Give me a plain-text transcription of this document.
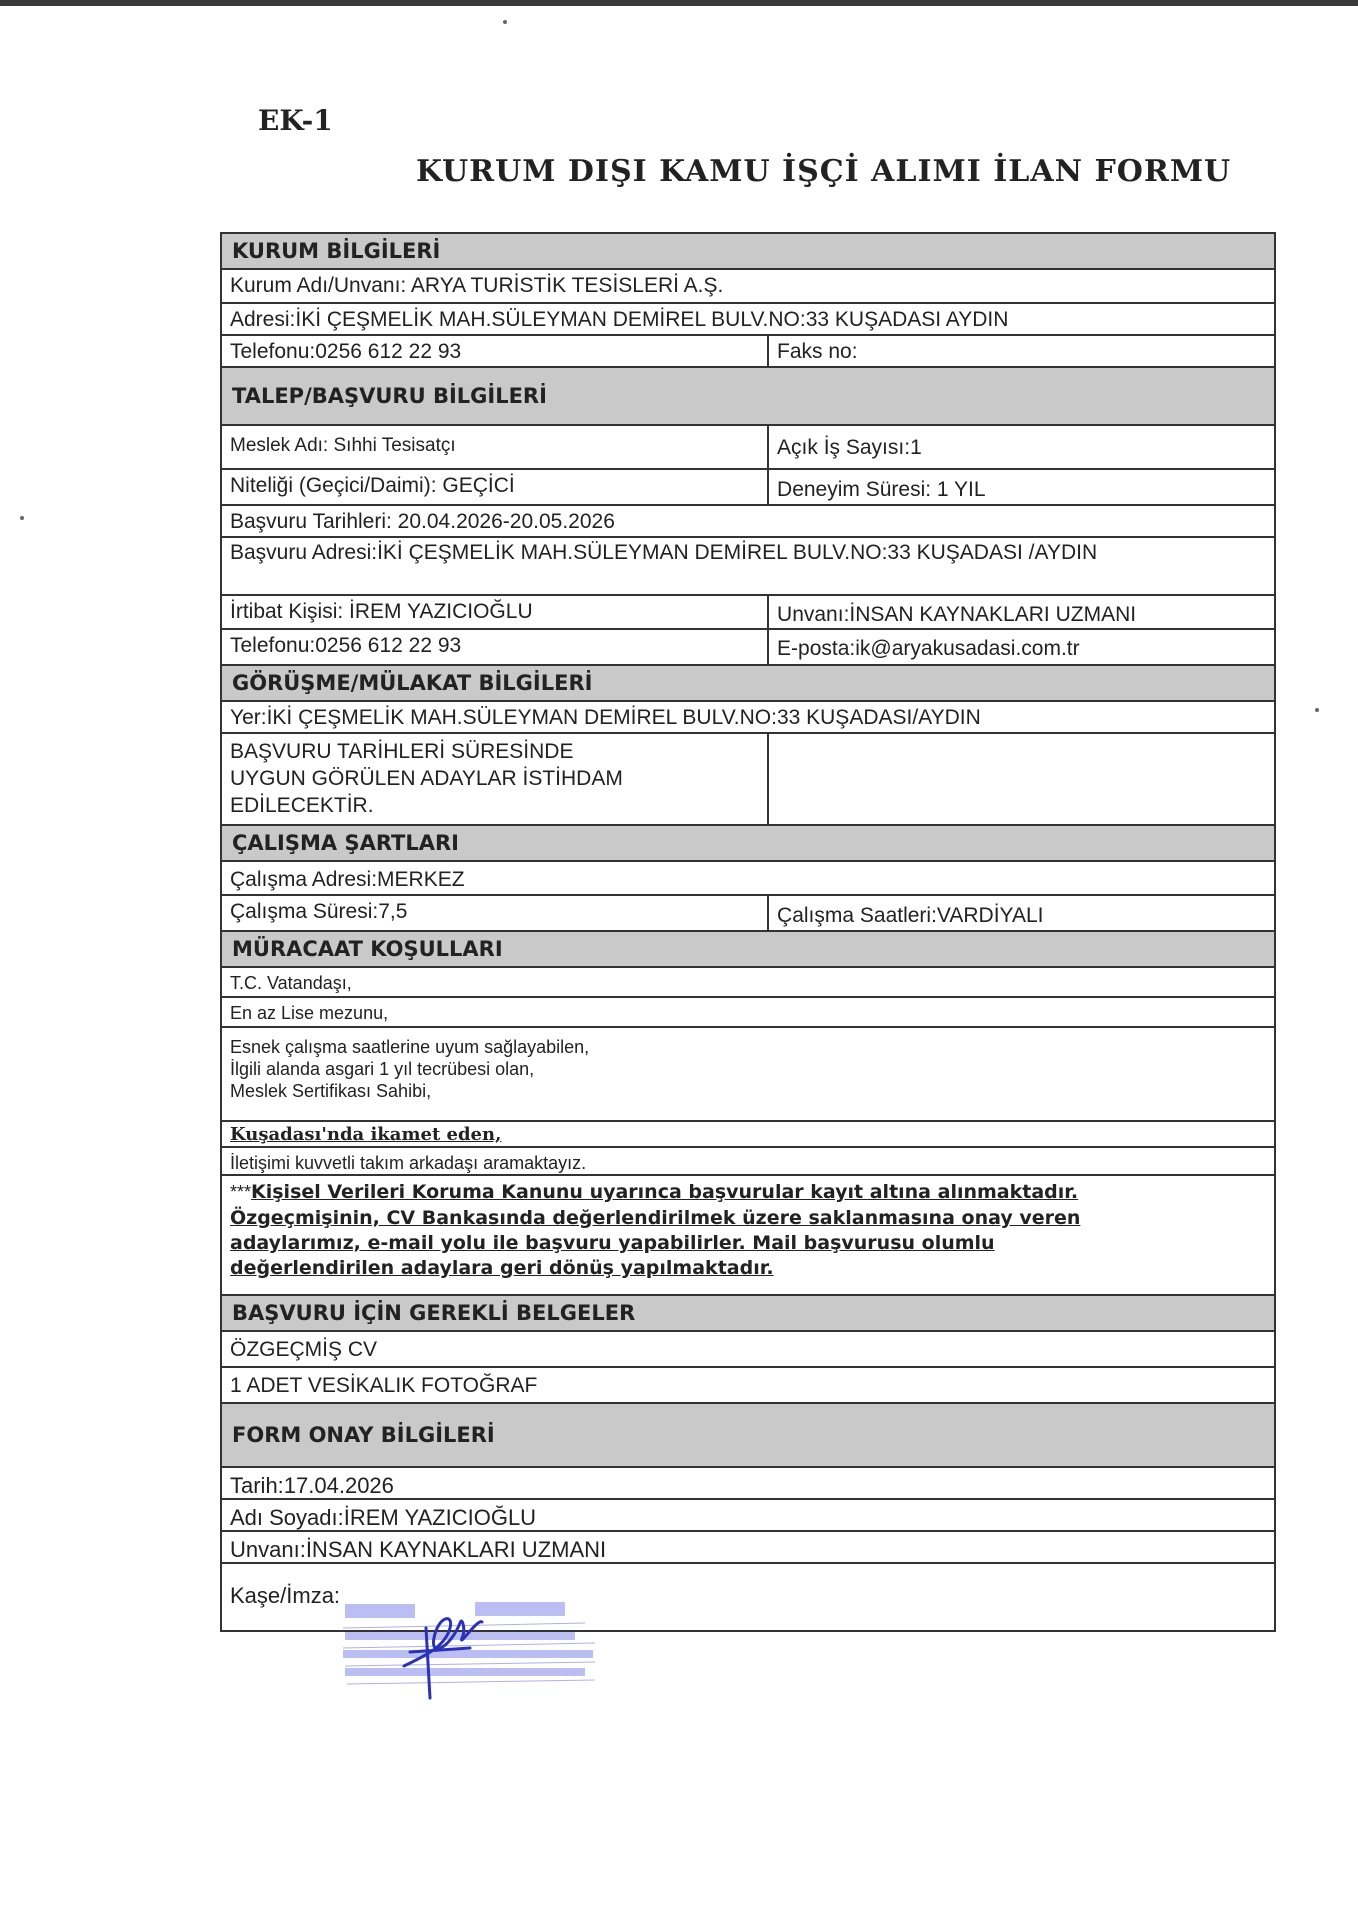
EK-1
KURUM DIŞI KAMU İŞÇİ ALIMI İLAN FORMU
KURUM BİLGİLERİ
Kurum Adı/Unvanı: ARYA TURİSTİK TESİSLERİ A.Ş.
Adresi:İKİ ÇEŞMELİK MAH.SÜLEYMAN DEMİREL BULV.NO:33 KUŞADASI AYDIN
Telefonu:0256 612 22 93	Faks no:
TALEP/BAŞVURU BİLGİLERİ
Meslek Adı: Sıhhi Tesisatçı	Açık İş Sayısı:1
Niteliği (Geçici/Daimi): GEÇİCİ	Deneyim Süresi: 1 YIL
Başvuru Tarihleri: 20.04.2026-20.05.2026
Başvuru Adresi:İKİ ÇEŞMELİK MAH.SÜLEYMAN DEMİREL BULV.NO:33 KUŞADASI /AYDIN
İrtibat Kişisi: İREM YAZICIOĞLU	Unvanı:İNSAN KAYNAKLARI UZMANI
Telefonu:0256 612 22 93	E-posta:ik@aryakusadasi.com.tr
GÖRÜŞME/MÜLAKAT BİLGİLERİ
Yer:İKİ ÇEŞMELİK MAH.SÜLEYMAN DEMİREL BULV.NO:33 KUŞADASI/AYDIN
BAŞVURU TARİHLERİ SÜRESİNDE
UYGUN GÖRÜLEN ADAYLAR İSTİHDAM
EDİLECEKTİR.
ÇALIŞMA ŞARTLARI
Çalışma Adresi:MERKEZ
Çalışma Süresi:7,5	Çalışma Saatleri:VARDİYALI
MÜRACAAT KOŞULLARI
T.C. Vatandaşı,
En az Lise mezunu,
Esnek çalışma saatlerine uyum sağlayabilen,
İlgili alanda asgari 1 yıl tecrübesi olan,
Meslek Sertifikası Sahibi,
Kuşadası'nda ikamet eden,
İletişimi kuvvetli takım arkadaşı aramaktayız.
***Kişisel Verileri Koruma Kanunu uyarınca başvurular kayıt altına alınmaktadır.
Özgeçmişinin, CV Bankasında değerlendirilmek üzere saklanmasına onay veren
adaylarımız, e-mail yolu ile başvuru yapabilirler. Mail başvurusu olumlu
değerlendirilen adaylara geri dönüş yapılmaktadır.
BAŞVURU İÇİN GEREKLİ BELGELER
ÖZGEÇMİŞ CV
1 ADET VESİKALIK FOTOĞRAF
FORM ONAY BİLGİLERİ
Tarih:17.04.2026
Adı Soyadı:İREM YAZICIOĞLU
Unvanı:İNSAN KAYNAKLARI UZMANI
Kaşe/İmza:
